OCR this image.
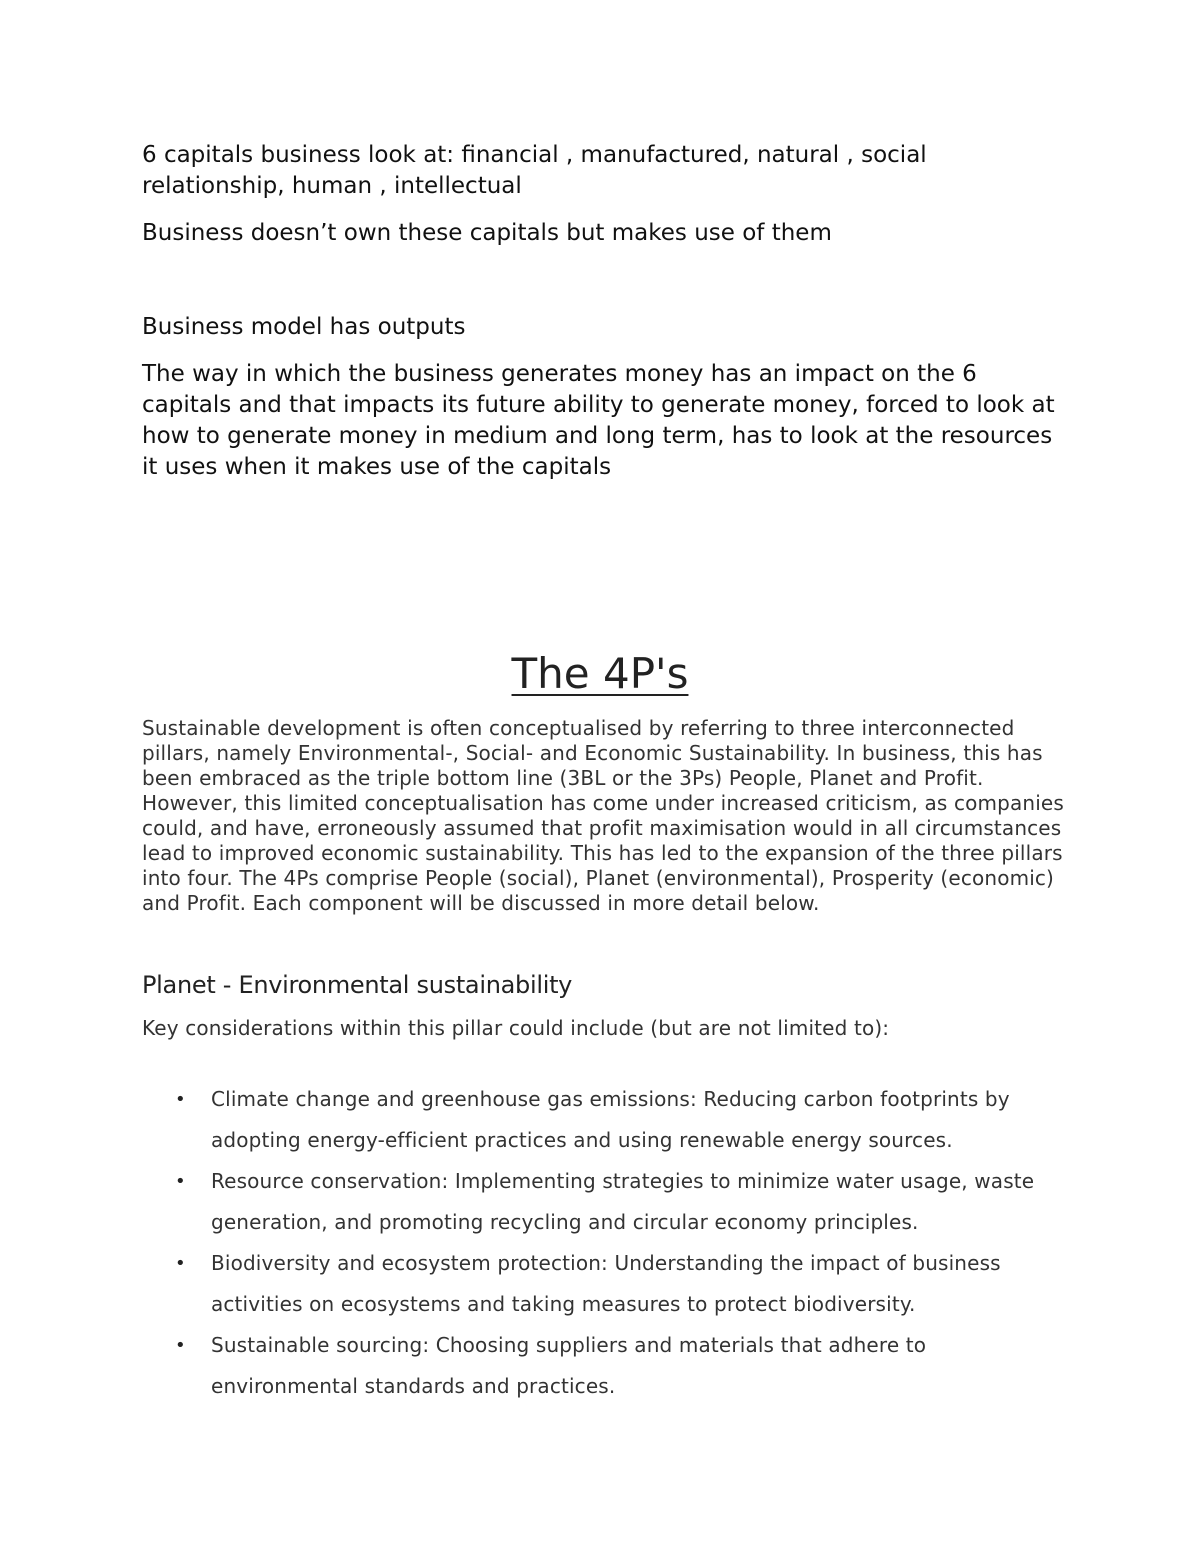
6 capitals business look at: financial , manufactured, natural , social relationship, human , intellectual

Business doesn’t own these capitals but makes use of them

Business model has outputs

The way in which the business generates money has an impact on the 6 capitals and that impacts its future ability to generate money, forced to look at how to generate money in medium and long term, has to look at the resources it uses when it makes use of the capitals

The 4P's

Sustainable development is often conceptualised by referring to three interconnected pillars, namely Environmental-, Social- and Economic Sustainability. In business, this has been embraced as the triple bottom line (3BL or the 3Ps) People, Planet and Profit. However, this limited conceptualisation has come under increased criticism, as companies could, and have, erroneously assumed that profit maximisation would in all circumstances lead to improved economic sustainability. This has led to the expansion of the three pillars into four. The 4Ps comprise People (social), Planet (environmental), Prosperity (economic) and Profit. Each component will be discussed in more detail below.

Planet - Environmental sustainability

Key considerations within this pillar could include (but are not limited to):

• Climate change and greenhouse gas emissions: Reducing carbon footprints by adopting energy-efficient practices and using renewable energy sources.
• Resource conservation: Implementing strategies to minimize water usage, waste generation, and promoting recycling and circular economy principles.
• Biodiversity and ecosystem protection: Understanding the impact of business activities on ecosystems and taking measures to protect biodiversity.
• Sustainable sourcing: Choosing suppliers and materials that adhere to environmental standards and practices.
